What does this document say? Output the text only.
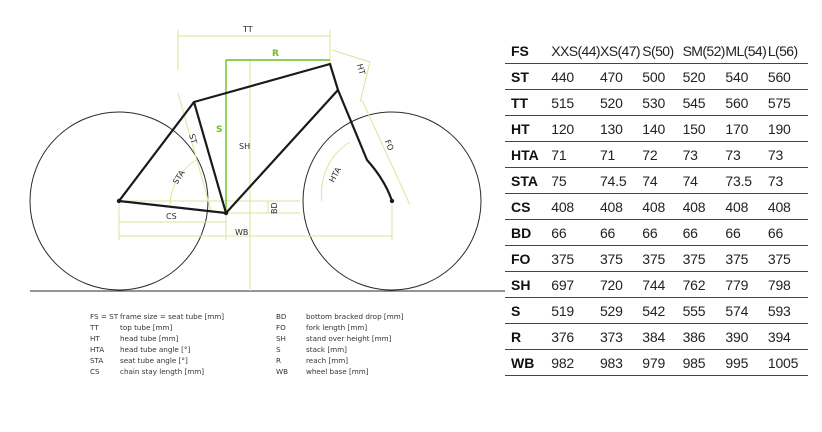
TT
R
HT
S
ST
SH	FO
STA	HTA
BD
CS
WB
FS = ST frame size = seat tube [mm]
TT	top tube [mm]
HT	head tube [mm]
HTA head tube angle [°]
STA seat tube angle [°]
CS	chain stay length [mm]
BD	bottom bracked drop [mm]
FO	fork length [mm]
SH	stand over height [mm]
S	stack [mm]
R	reach [mm]
WB wheel base [mm]
FS	XXS(44)	XS(47)	S(50)	SM(52)	ML(54)	L(56)
ST	440	470	500	520	540	560
TT	515	520	530	545	560	575
HT	120	130	140	150	170	190
HTA	71	71	72	73	73	73
STA	75	74.5	74	74	73.5	73
CS	408	408	408	408	408	408
BD	66	66	66	66	66	66
FO	375	375	375	375	375	375
SH	697	720	744	762	779	798
S	519	529	542	555	574	593
R	376	373	384	386	390	394
WB	982	983	979	985	995	1005
